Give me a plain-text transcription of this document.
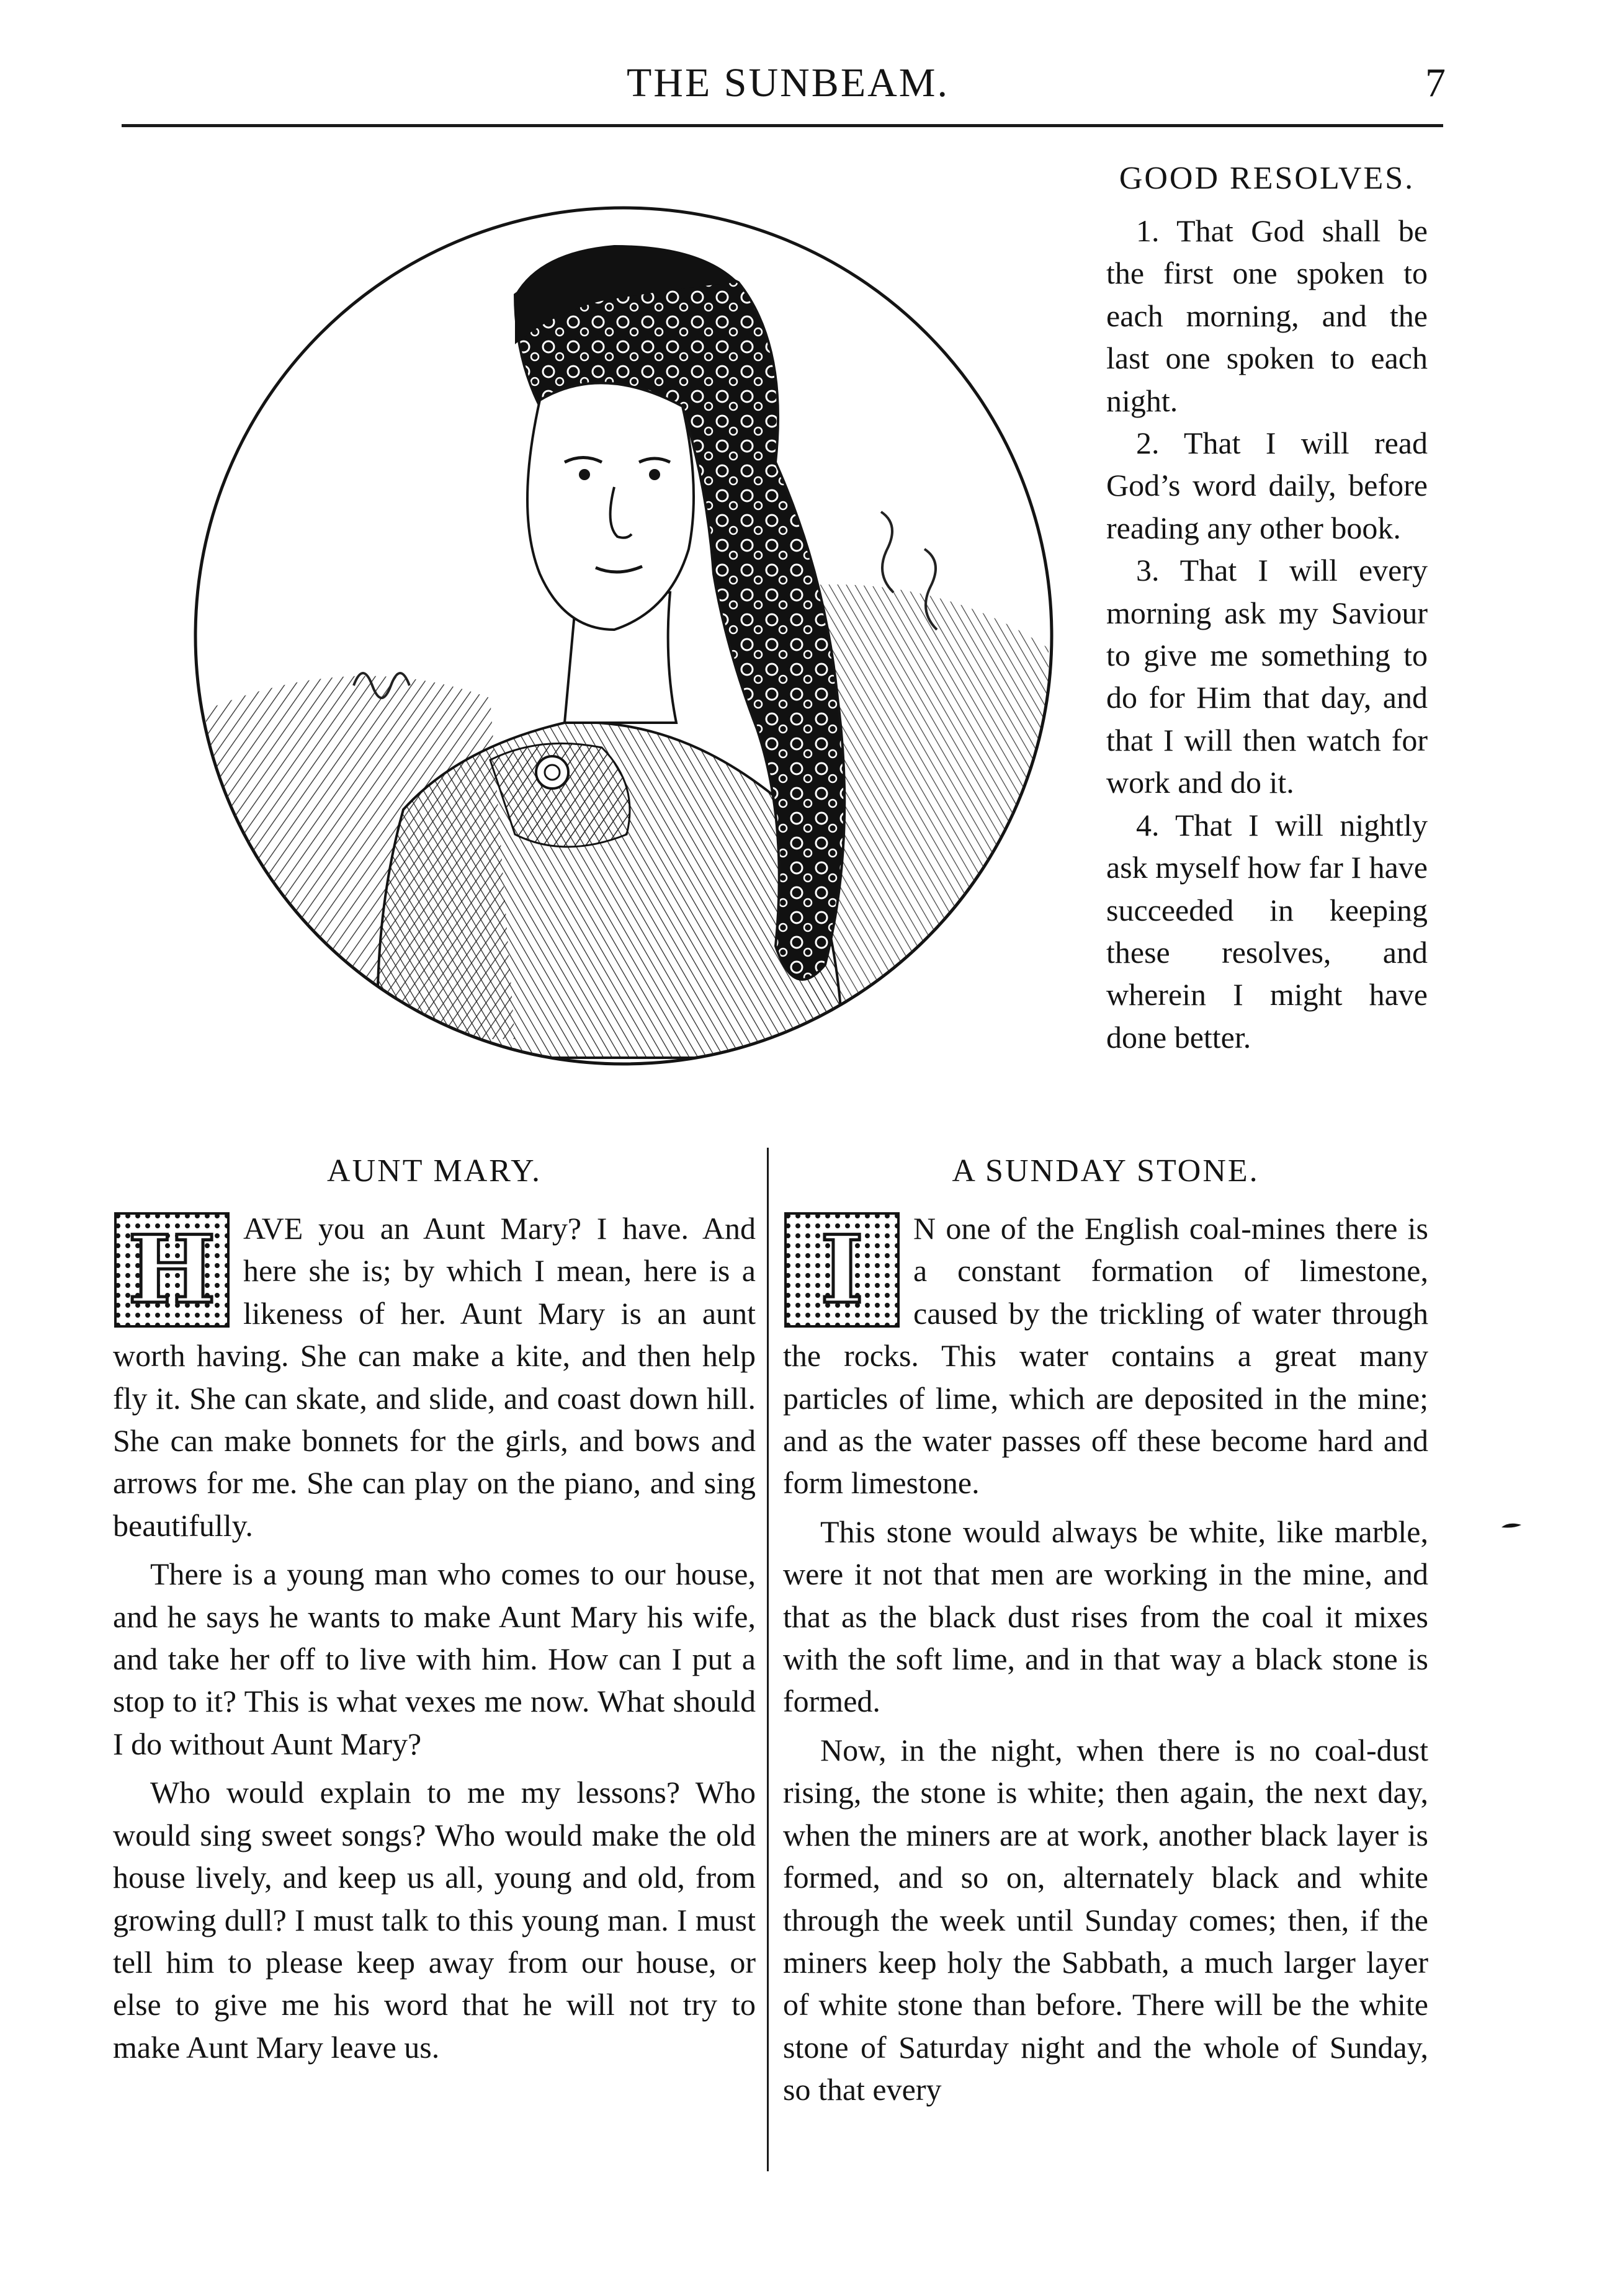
THE SUNBEAM.	7
GOOD RESOLVES.

1. That God shall be the first one spoken to each morning, and the last one spoken to each night.

2. That I will read God’s word daily, before reading any other book.

3. That I will every morning ask my Saviour to give me something to do for Him that day, and that I will then watch for work and do it.

4. That I will nightly ask myself how far I have succeeded in keeping these resolves, and wherein I might have done better.

AUNT MARY.

H AVE you an Aunt Mary? I have. And here she is; by which I mean, here is a likeness of her. Aunt Mary is an aunt worth having. She can make a kite, and then help fly it. She can skate, and slide, and coast down hill. She can make bonnets for the girls, and bows and arrows for me. She can play on the piano, and sing beautifully.

There is a young man who comes to our house, and he says he wants to make Aunt Mary his wife, and take her off to live with him. How can I put a stop to it? This is what vexes me now. What should I do without Aunt Mary?

Who would explain to me my lessons? Who would sing sweet songs? Who would make the old house lively, and keep us all, young and old, from growing dull? I must talk to this young man. I must tell him to please keep away from our house, or else to give me his word that he will not try to make Aunt Mary leave us.

A SUNDAY STONE.

I	N one of the English coal-mines there is a constant formation of limestone, caused by the trickling of water through the rocks. This water contains a great many particles of lime, which are deposited in the mine; and as the water passes off these become hard and form limestone.

This stone would always be white, like marble, were it not that men are working in the mine, and that as the black dust rises from the coal it mixes with the soft lime, and in that way a black stone is formed.

Now, in the night, when there is no coal-dust rising, the stone is white; then again, the next day, when the miners are at work, another black layer is formed, and so on, alternately black and white through the week until Sunday comes; then, if the miners keep holy the Sabbath, a much larger layer of white stone than before. There will be the white stone of Saturday night and the whole of Sunday, so that every
